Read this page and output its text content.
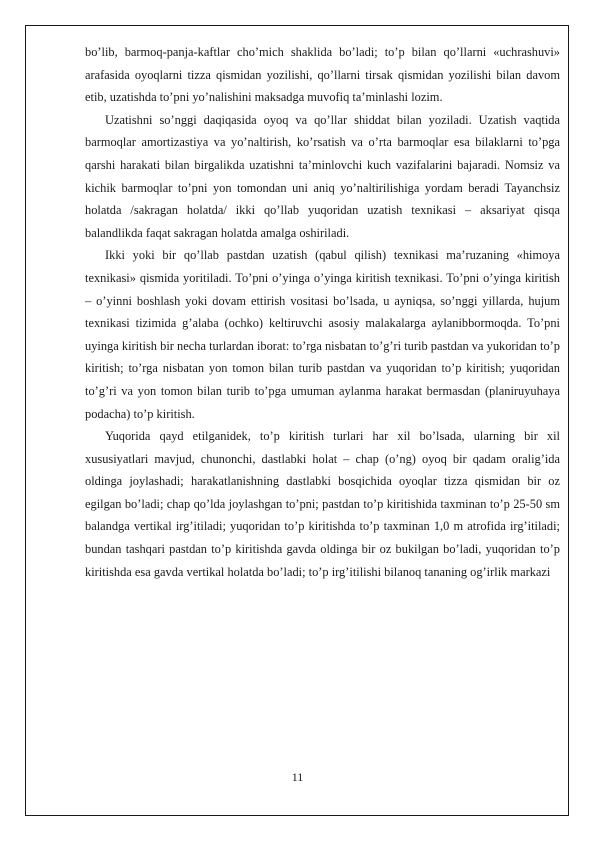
bo’lib, barmoq-panja-kaftlar cho’mich shaklida bo’ladi; to’p bilan qo’llarni «uchrashuvi» arafasida oyoqlarni tizza qismidan yozilishi, qo’llarni tirsak qismidan yozilishi bilan davom etib, uzatishda to’pni yo’nalishini maksadga muvofiq ta’minlashi lozim.

Uzatishni so’nggi daqiqasida oyoq va qo’llar shiddat bilan yoziladi. Uzatish vaqtida barmoqlar amortizastiya va yo’naltirish, ko’rsatish va o’rta barmoqlar esa bilaklarni to’pga qarshi harakati bilan birgalikda uzatishni ta’minlovchi kuch vazifalarini bajaradi. Nomsiz va kichik barmoqlar to’pni yon tomondan uni aniq yo’naltirilishiga yordam beradi Tayanchsiz holatda /sakragan holatda/ ikki qo’llab yuqoridan uzatish texnikasi – aksariyat qisqa balandlikda faqat sakragan holatda amalga oshiriladi.

Ikki yoki bir qo’llab pastdan uzatish (qabul qilish) texnikasi ma’ruzaning «himoya texnikasi» qismida yoritiladi. To’pni o’yinga o’yinga kiritish texnikasi. To’pni o’yinga kiritish – o’yinni boshlash yoki dovam ettirish vositasi bo’lsada, u ayniqsa, so’nggi yillarda, hujum texnikasi tizimida g’alaba (ochko) keltiruvchi asosiy malakalarga aylanibbormoqda. To’pni uyinga kiritish bir necha turlardan iborat: to’rga nisbatan to’g’ri turib pastdan va yukoridan to’p kiritish; to’rga nisbatan yon tomon bilan turib pastdan va yuqoridan to’p kiritish; yuqoridan to’g’ri va yon tomon bilan turib to’pga umuman aylanma harakat bermasdan (planiruyuhaya podacha) to’p kiritish.

Yuqorida qayd etilganidek, to’p kiritish turlari har xil bo’lsada, ularning bir xil xususiyatlari mavjud, chunonchi, dastlabki holat – chap (o’ng) oyoq bir qadam oralig’ida oldinga joylashadi; harakatlanishning dastlabki bosqichida oyoqlar tizza qismidan bir oz egilgan bo’ladi; chap qo’lda joylashgan to’pni; pastdan to’p kiritishida taxminan to’p 25-50 sm balandga vertikal irg’itiladi; yuqoridan to’p kiritishda to’p taxminan 1,0 m atrofida irg’itiladi; bundan tashqari pastdan to’p kiritishda gavda oldinga bir oz bukilgan bo’ladi, yuqoridan to’p kiritishda esa gavda vertikal holatda bo’ladi; to’p irg’itilishi bilanoq tananing og’irlik markazi

11
